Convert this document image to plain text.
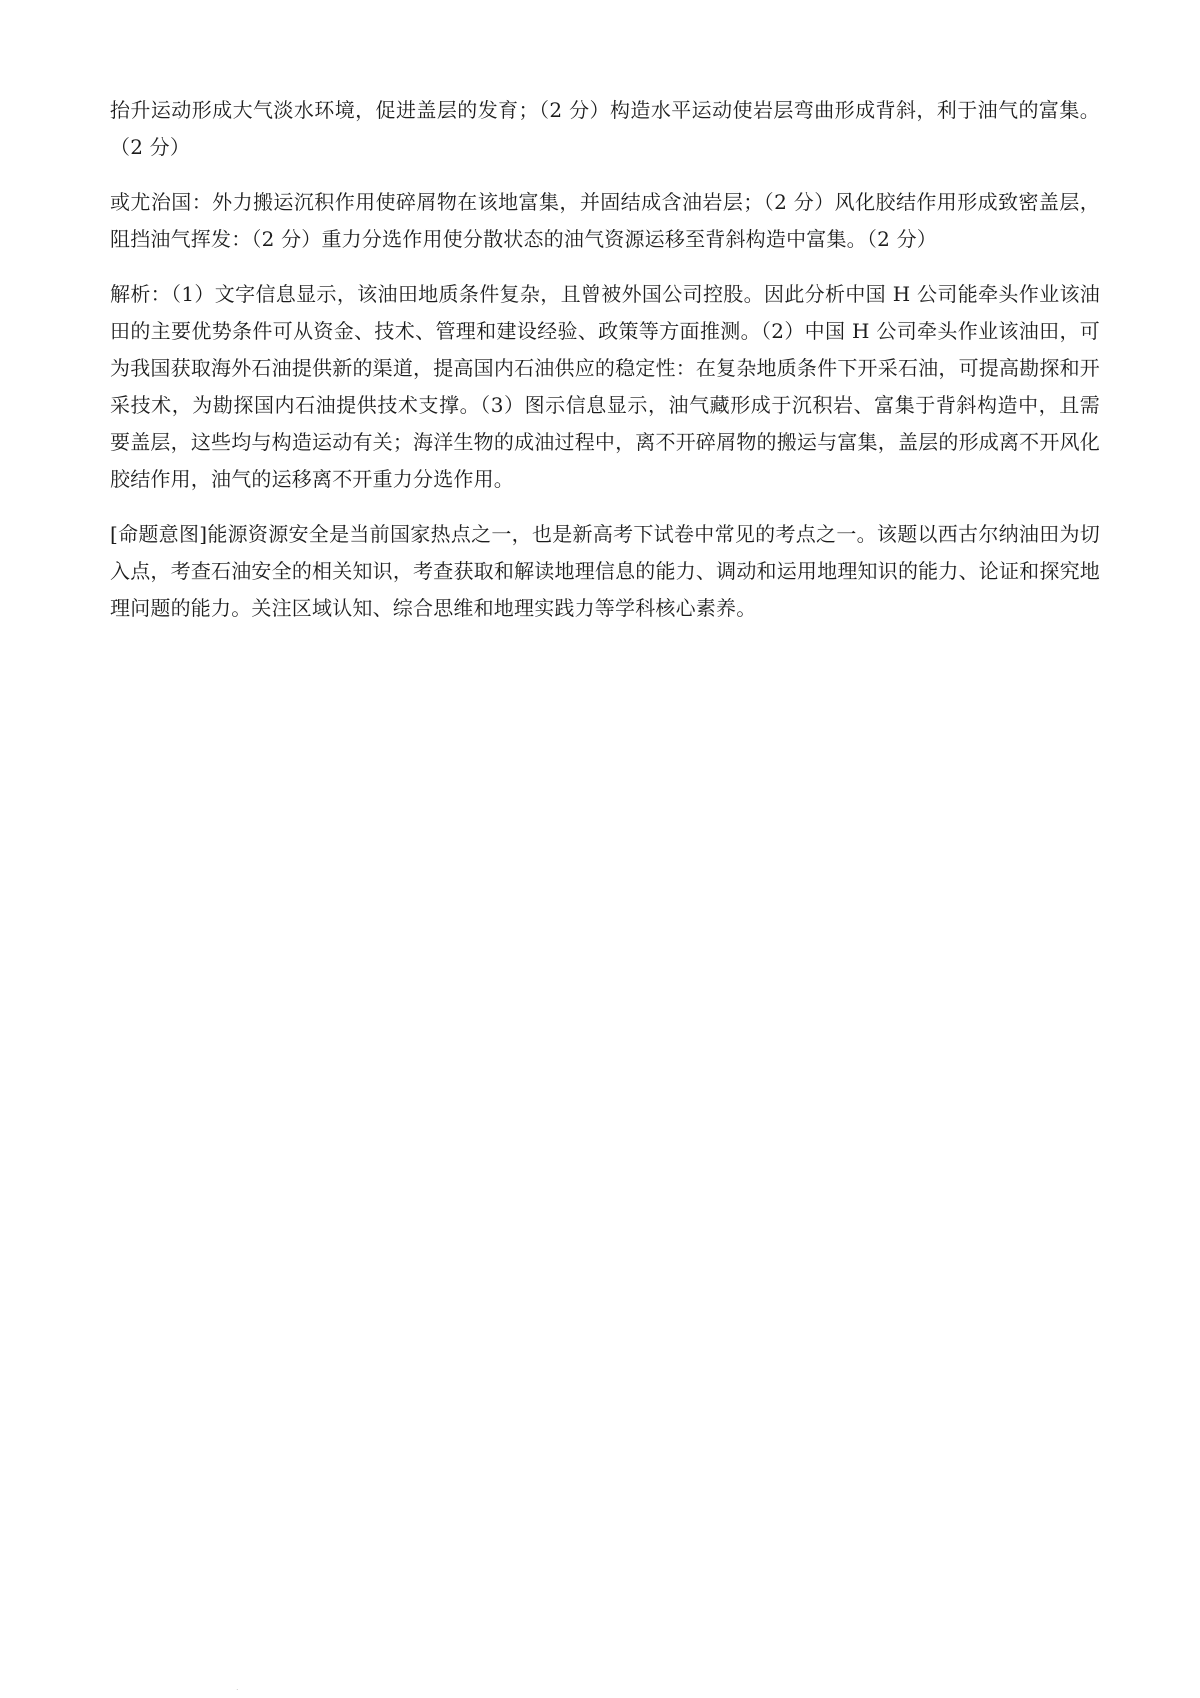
抬升运动形成大气淡水环境，促进盖层的发育；（2 分）构造水平运动使岩层弯曲形成背斜，利于油气的富集。（2 分）

或尤治国：外力搬运沉积作用使碎屑物在该地富集，并固结成含油岩层；（2 分）风化胶结作用形成致密盖层，阻挡油气挥发：（2 分）重力分选作用使分散状态的油气资源运移至背斜构造中富集。（2 分）

解析：（1）文字信息显示，该油田地质条件复杂，且曾被外国公司控股。因此分析中国 H 公司能牵头作业该油田的主要优势条件可从资金、技术、管理和建设经验、政策等方面推测。（2）中国 H 公司牵头作业该油田，可为我国获取海外石油提供新的渠道，提高国内石油供应的稳定性：在复杂地质条件下开采石油，可提高勘探和开采技术，为勘探国内石油提供技术支撑。（3）图示信息显示，油气藏形成于沉积岩、富集于背斜构造中，且需要盖层，这些均与构造运动有关；海洋生物的成油过程中，离不开碎屑物的搬运与富集，盖层的形成离不开风化胶结作用，油气的运移离不开重力分选作用。

[命题意图]能源资源安全是当前国家热点之一，也是新高考下试卷中常见的考点之一。该题以西古尔纳油田为切入点，考查石油安全的相关知识，考查获取和解读地理信息的能力、调动和运用地理知识的能力、论证和探究地理问题的能力。关注区域认知、综合思维和地理实践力等学科核心素养。

.
